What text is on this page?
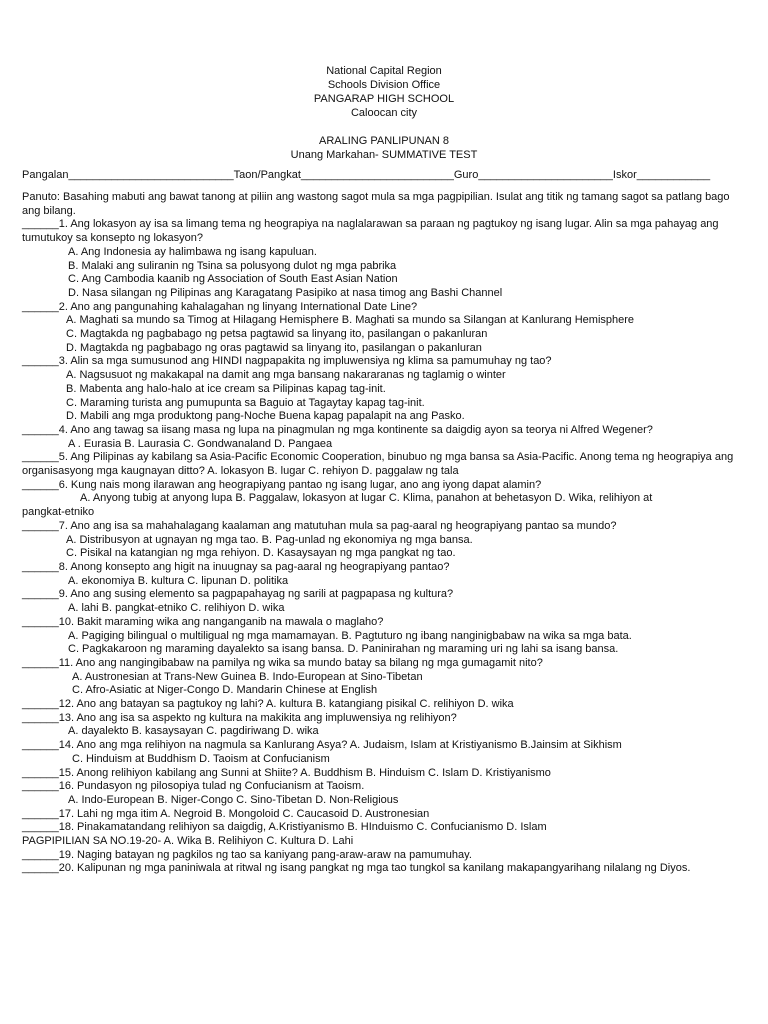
National Capital Region
Schools Division Office
PANGARAP HIGH SCHOOL
Caloocan city
ARALING PANLIPUNAN 8
Unang Markahan- SUMMATIVE TEST
Pangalan___________________________Taon/Pangkat_________________________Guro______________________Iskor____________
Panuto: Basahing mabuti ang bawat tanong at piliin ang wastong sagot mula sa mga pagpipilian. Isulat ang titik ng tamang sagot sa patlang bago ang bilang.
______1. Ang lokasyon ay isa sa limang tema ng heograpiya na naglalarawan sa paraan ng pagtukoy ng isang lugar. Alin sa mga pahayag ang tumutukoy sa konsepto ng lokasyon?
A. Ang Indonesia ay halimbawa ng isang kapuluan.
B. Malaki ang suliranin ng Tsina sa polusyong dulot ng mga pabrika
C. Ang Cambodia kaanib ng Association of South East Asian Nation
D. Nasa silangan ng Pilipinas ang Karagatang Pasipiko at nasa timog ang Bashi Channel
______2. Ano ang pangunahing kahalagahan ng linyang International Date Line?
A. Maghati sa mundo sa Timog at Hilagang Hemisphere B. Maghati sa mundo sa Silangan at Kanlurang Hemisphere
C. Magtakda ng pagbabago ng petsa pagtawid sa linyang ito, pasilangan o pakanluran
D. Magtakda ng pagbabago ng oras pagtawid sa linyang ito, pasilangan o pakanluran
______3. Alin sa mga sumusunod ang HINDI nagpapakita ng impluwensiya ng klima sa pamumuhay ng tao?
A. Nagsusuot ng makakapal na damit ang mga bansang nakararanas ng taglamig o winter
B. Mabenta ang halo-halo at ice cream sa Pilipinas kapag tag-init.
C. Maraming turista ang pumupunta sa Baguio at Tagaytay kapag tag-init.
D. Mabili ang mga produktong pang-Noche Buena kapag papalapit na ang Pasko.
______4. Ano ang tawag sa iisang masa ng lupa na pinagmulan ng mga kontinente sa daigdig ayon sa teorya ni Alfred Wegener?
A . Eurasia B. Laurasia C. Gondwanaland D. Pangaea
______5. Ang Pilipinas ay kabilang sa Asia-Pacific Economic Cooperation, binubuo ng mga bansa sa Asia-Pacific. Anong tema ng heograpiya ang organisasyong mga kaugnayan ditto? A. lokasyon B. lugar C. rehiyon D. paggalaw ng tala
______6. Kung nais mong ilarawan ang heograpiyang pantao ng isang lugar, ano ang iyong dapat alamin?
A. Anyong tubig at anyong lupa B. Paggalaw, lokasyon at lugar C. Klima, panahon at behetasyon D. Wika, relihiyon at
pangkat-etniko
______7. Ano ang isa sa mahahalagang kaalaman ang matutuhan mula sa pag-aaral ng heograpiyang pantao sa mundo?
A. Distribusyon at ugnayan ng mga tao. B. Pag-unlad ng ekonomiya ng mga bansa.
C. Pisikal na katangian ng mga rehiyon. D. Kasaysayan ng mga pangkat ng tao.
______8. Anong konsepto ang higit na inuugnay sa pag-aaral ng heograpiyang pantao?
A. ekonomiya B. kultura C. lipunan D. politika
______9. Ano ang susing elemento sa pagpapahayag ng sarili at pagpapasa ng kultura?
A. lahi B. pangkat-etniko C. relihiyon D. wika
______10. Bakit maraming wika ang nanganganib na mawala o maglaho?
A. Pagiging bilingual o multiligual ng mga mamamayan. B. Pagtuturo ng ibang nanginigbabaw na wika sa mga bata.
C. Pagkakaroon ng maraming dayalekto sa isang bansa. D. Paninirahan ng maraming uri ng lahi sa isang bansa.
______11. Ano ang nangingibabaw na pamilya ng wika sa mundo batay sa bilang ng mga gumagamit nito?
A. Austronesian at Trans-New Guinea B. Indo-European at Sino-Tibetan
C. Afro-Asiatic at Niger-Congo D. Mandarin Chinese at English
______12. Ano ang batayan sa pagtukoy ng lahi? A. kultura B. katangiang pisikal C. relihiyon D. wika
______13. Ano ang isa sa aspekto ng kultura na makikita ang impluwensiya ng relihiyon?
A. dayalekto B. kasaysayan C. pagdiriwang D. wika
______14. Ano ang mga relihiyon na nagmula sa Kanlurang Asya? A. Judaism, Islam at Kristiyanismo B.Jainsim at Sikhism
C. Hinduism at Buddhism D. Taoism at Confucianism
______15. Anong relihiyon kabilang ang Sunni at Shiite? A. Buddhism B. Hinduism C. Islam D. Kristiyanismo
______16. Pundasyon ng pilosopiya tulad ng Confucianism at Taoism.
A. Indo-European B. Niger-Congo C. Sino-Tibetan D. Non-Religious
______17. Lahi ng mga itim A. Negroid B. Mongoloid C. Caucasoid D. Austronesian
______18. Pinakamatandang relihiyon sa daigdig, A.Kristiyanismo B. HInduismo C. Confucianismo D. Islam
PAGPIPILIAN SA NO.19-20- A. Wika B. Relihiyon C. Kultura D. Lahi
______19. Naging batayan ng pagkilos ng tao sa kaniyang pang-araw-araw na pamumuhay.
______20. Kalipunan ng mga paniniwala at ritwal ng isang pangkat ng mga tao tungkol sa kanilang makapangyarihang nilalang ng Diyos.
